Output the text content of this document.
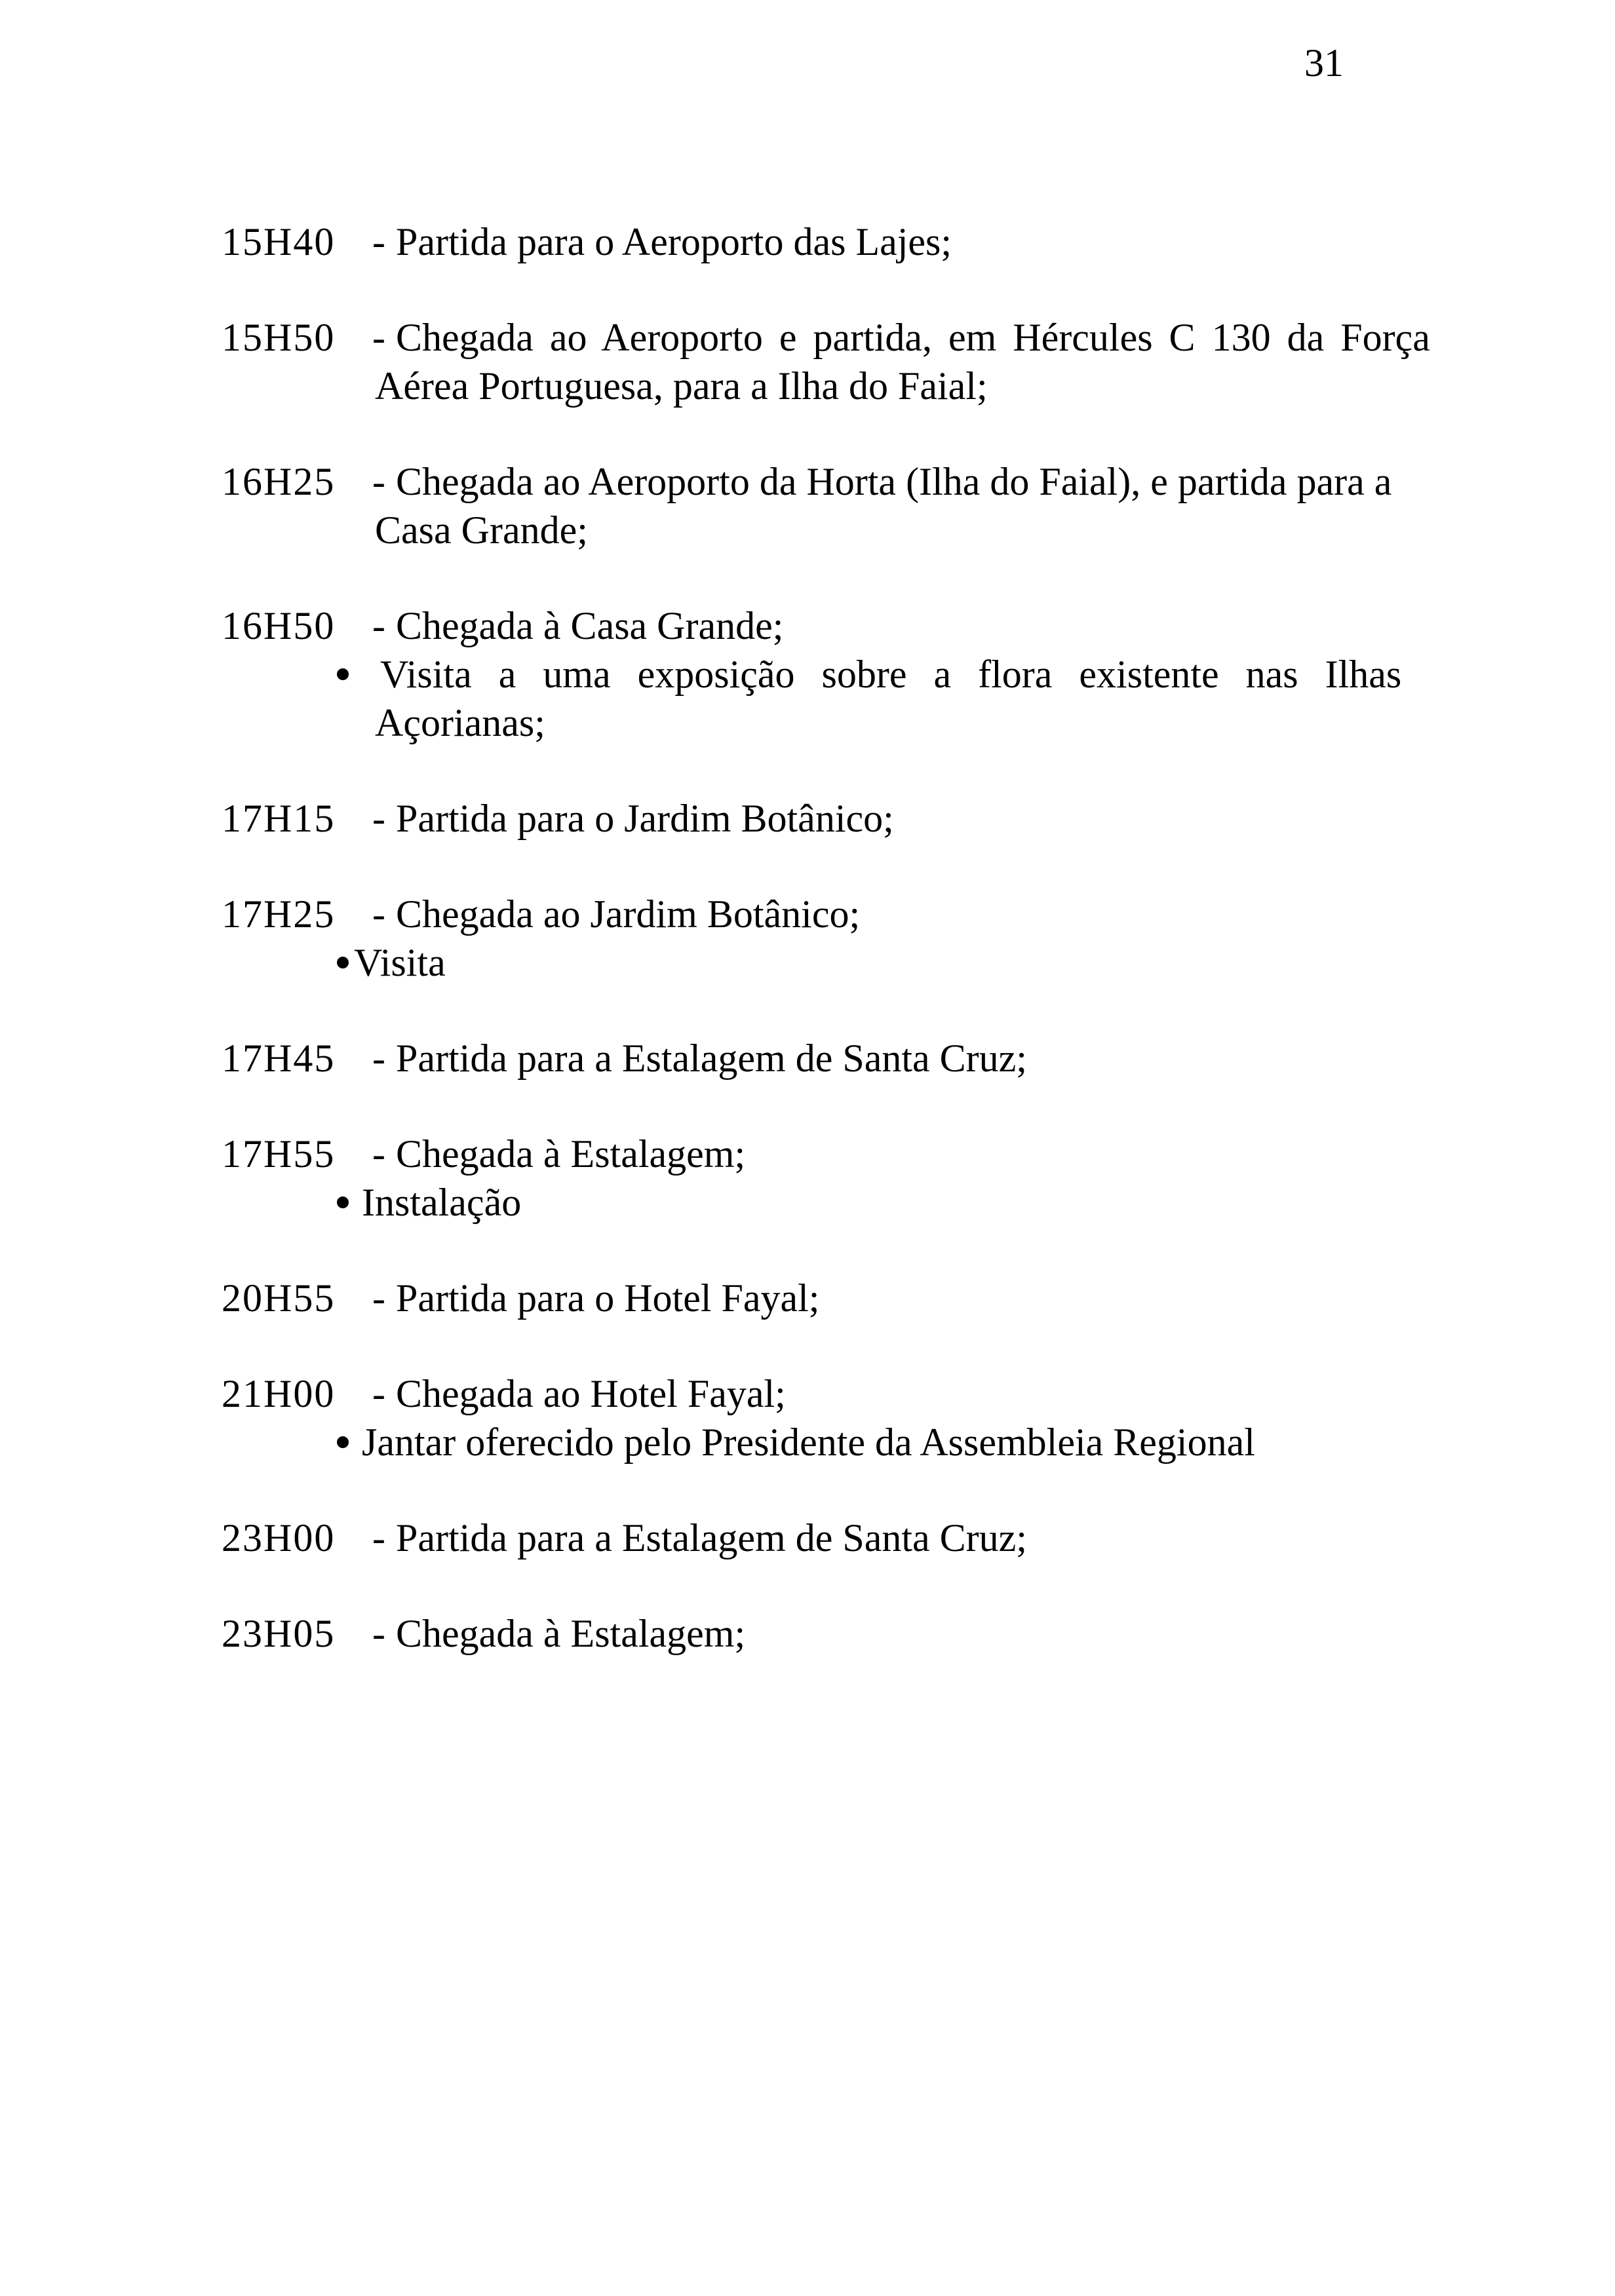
31
15H40 - Partida para o Aeroporto das Lajes;
15H50 - Chegada ao Aeroporto e partida, em Hércules C 130 da Força
Aérea Portuguesa, para a Ilha do Faial;
16H25 - Chegada ao Aeroporto da Horta (Ilha do Faial), e partida para a
Casa Grande;
16H50 - Chegada à Casa Grande;
Visita a uma exposição sobre a flora existente nas Ilhas
Açorianas;
17H15 - Partida para o Jardim Botânico;
17H25 - Chegada ao Jardim Botânico;
Visita
17H45 - Partida para a Estalagem de Santa Cruz;
17H55 - Chegada à Estalagem;
Instalação
20H55 - Partida para o Hotel Fayal;
21H00 - Chegada ao Hotel Fayal;
Jantar oferecido pelo Presidente da Assembleia Regional
23H00 - Partida para a Estalagem de Santa Cruz;
23H05 - Chegada à Estalagem;
